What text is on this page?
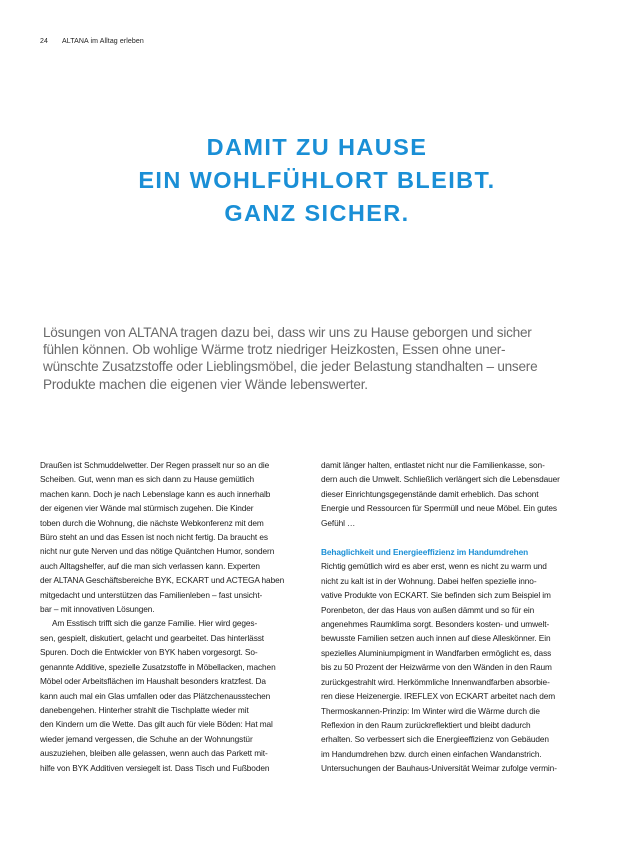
24 ALTANA im Alltag erleben
DAMIT ZU HAUSE
EIN WOHLFÜHLORT BLEIBT.
GANZ SICHER.
Lösungen von ALTANA tragen dazu bei, dass wir uns zu Hause geborgen und sicher
fühlen können. Ob wohlige Wärme trotz niedriger Heizkosten, Essen ohne uner-
wünschte Zusatzstoffe oder Lieblingsmöbel, die jeder Belastung standhalten – unsere
Produkte machen die eigenen vier Wände lebenswerter.
Draußen ist Schmuddelwetter. Der Regen prasselt nur so an die
Scheiben. Gut, wenn man es sich dann zu Hause gemütlich
machen kann. Doch je nach Lebenslage kann es auch innerhalb
der eigenen vier Wände mal stürmisch zugehen. Die Kinder
toben durch die Wohnung, die nächste Webkonferenz mit dem
Büro steht an und das Essen ist noch nicht fertig. Da braucht es
nicht nur gute Nerven und das nötige Quäntchen Humor, sondern
auch Alltagshelfer, auf die man sich verlassen kann. Experten
der ALTANA Geschäftsbereiche BYK, ECKART und ACTEGA haben
mitgedacht und unterstützen das Familienleben – fast unsicht-
bar – mit innovativen Lösungen.
Am Esstisch trifft sich die ganze Familie. Hier wird geges-
sen, gespielt, diskutiert, gelacht und gearbeitet. Das hinterlässt
Spuren. Doch die Entwickler von BYK haben vorgesorgt. So-
genannte Additive, spezielle Zusatzstoffe in Möbellacken, machen
Möbel oder Arbeitsflächen im Haushalt besonders kratzfest. Da
kann auch mal ein Glas umfallen oder das Plätzchenausstechen
danebengehen. Hinterher strahlt die Tischplatte wieder mit
den Kindern um die Wette. Das gilt auch für viele Böden: Hat mal
wieder jemand vergessen, die Schuhe an der Wohnungstür
auszuziehen, bleiben alle gelassen, wenn auch das Parkett mit-
hilfe von BYK Additiven versiegelt ist. Dass Tisch und Fußboden
damit länger halten, entlastet nicht nur die Familienkasse, son-
dern auch die Umwelt. Schließlich verlängert sich die Lebensdauer
dieser Einrichtungsgegenstände damit erheblich. Das schont
Energie und Ressourcen für Sperrmüll und neue Möbel. Ein gutes
Gefühl …
Behaglichkeit und Energieeffizienz im Handumdrehen
Richtig gemütlich wird es aber erst, wenn es nicht zu warm und
nicht zu kalt ist in der Wohnung. Dabei helfen spezielle inno-
vative Produkte von ECKART. Sie befinden sich zum Beispiel im
Porenbeton, der das Haus von außen dämmt und so für ein
angenehmes Raumklima sorgt. Besonders kosten- und umwelt-
bewusste Familien setzen auch innen auf diese Alleskönner. Ein
spezielles Aluminiumpigment in Wandfarben ermöglicht es, dass
bis zu 50 Prozent der Heizwärme von den Wänden in den Raum
zurückgestrahlt wird. Herkömmliche Innenwandfarben absorbie-
ren diese Heizenergie. IREFLEX von ECKART arbeitet nach dem
Thermoskannen-Prinzip: Im Winter wird die Wärme durch die
Reflexion in den Raum zurückreflektiert und bleibt dadurch
erhalten. So verbessert sich die Energieeffizienz von Gebäuden
im Handumdrehen bzw. durch einen einfachen Wandanstrich.
Untersuchungen der Bauhaus-Universität Weimar zufolge vermin-
